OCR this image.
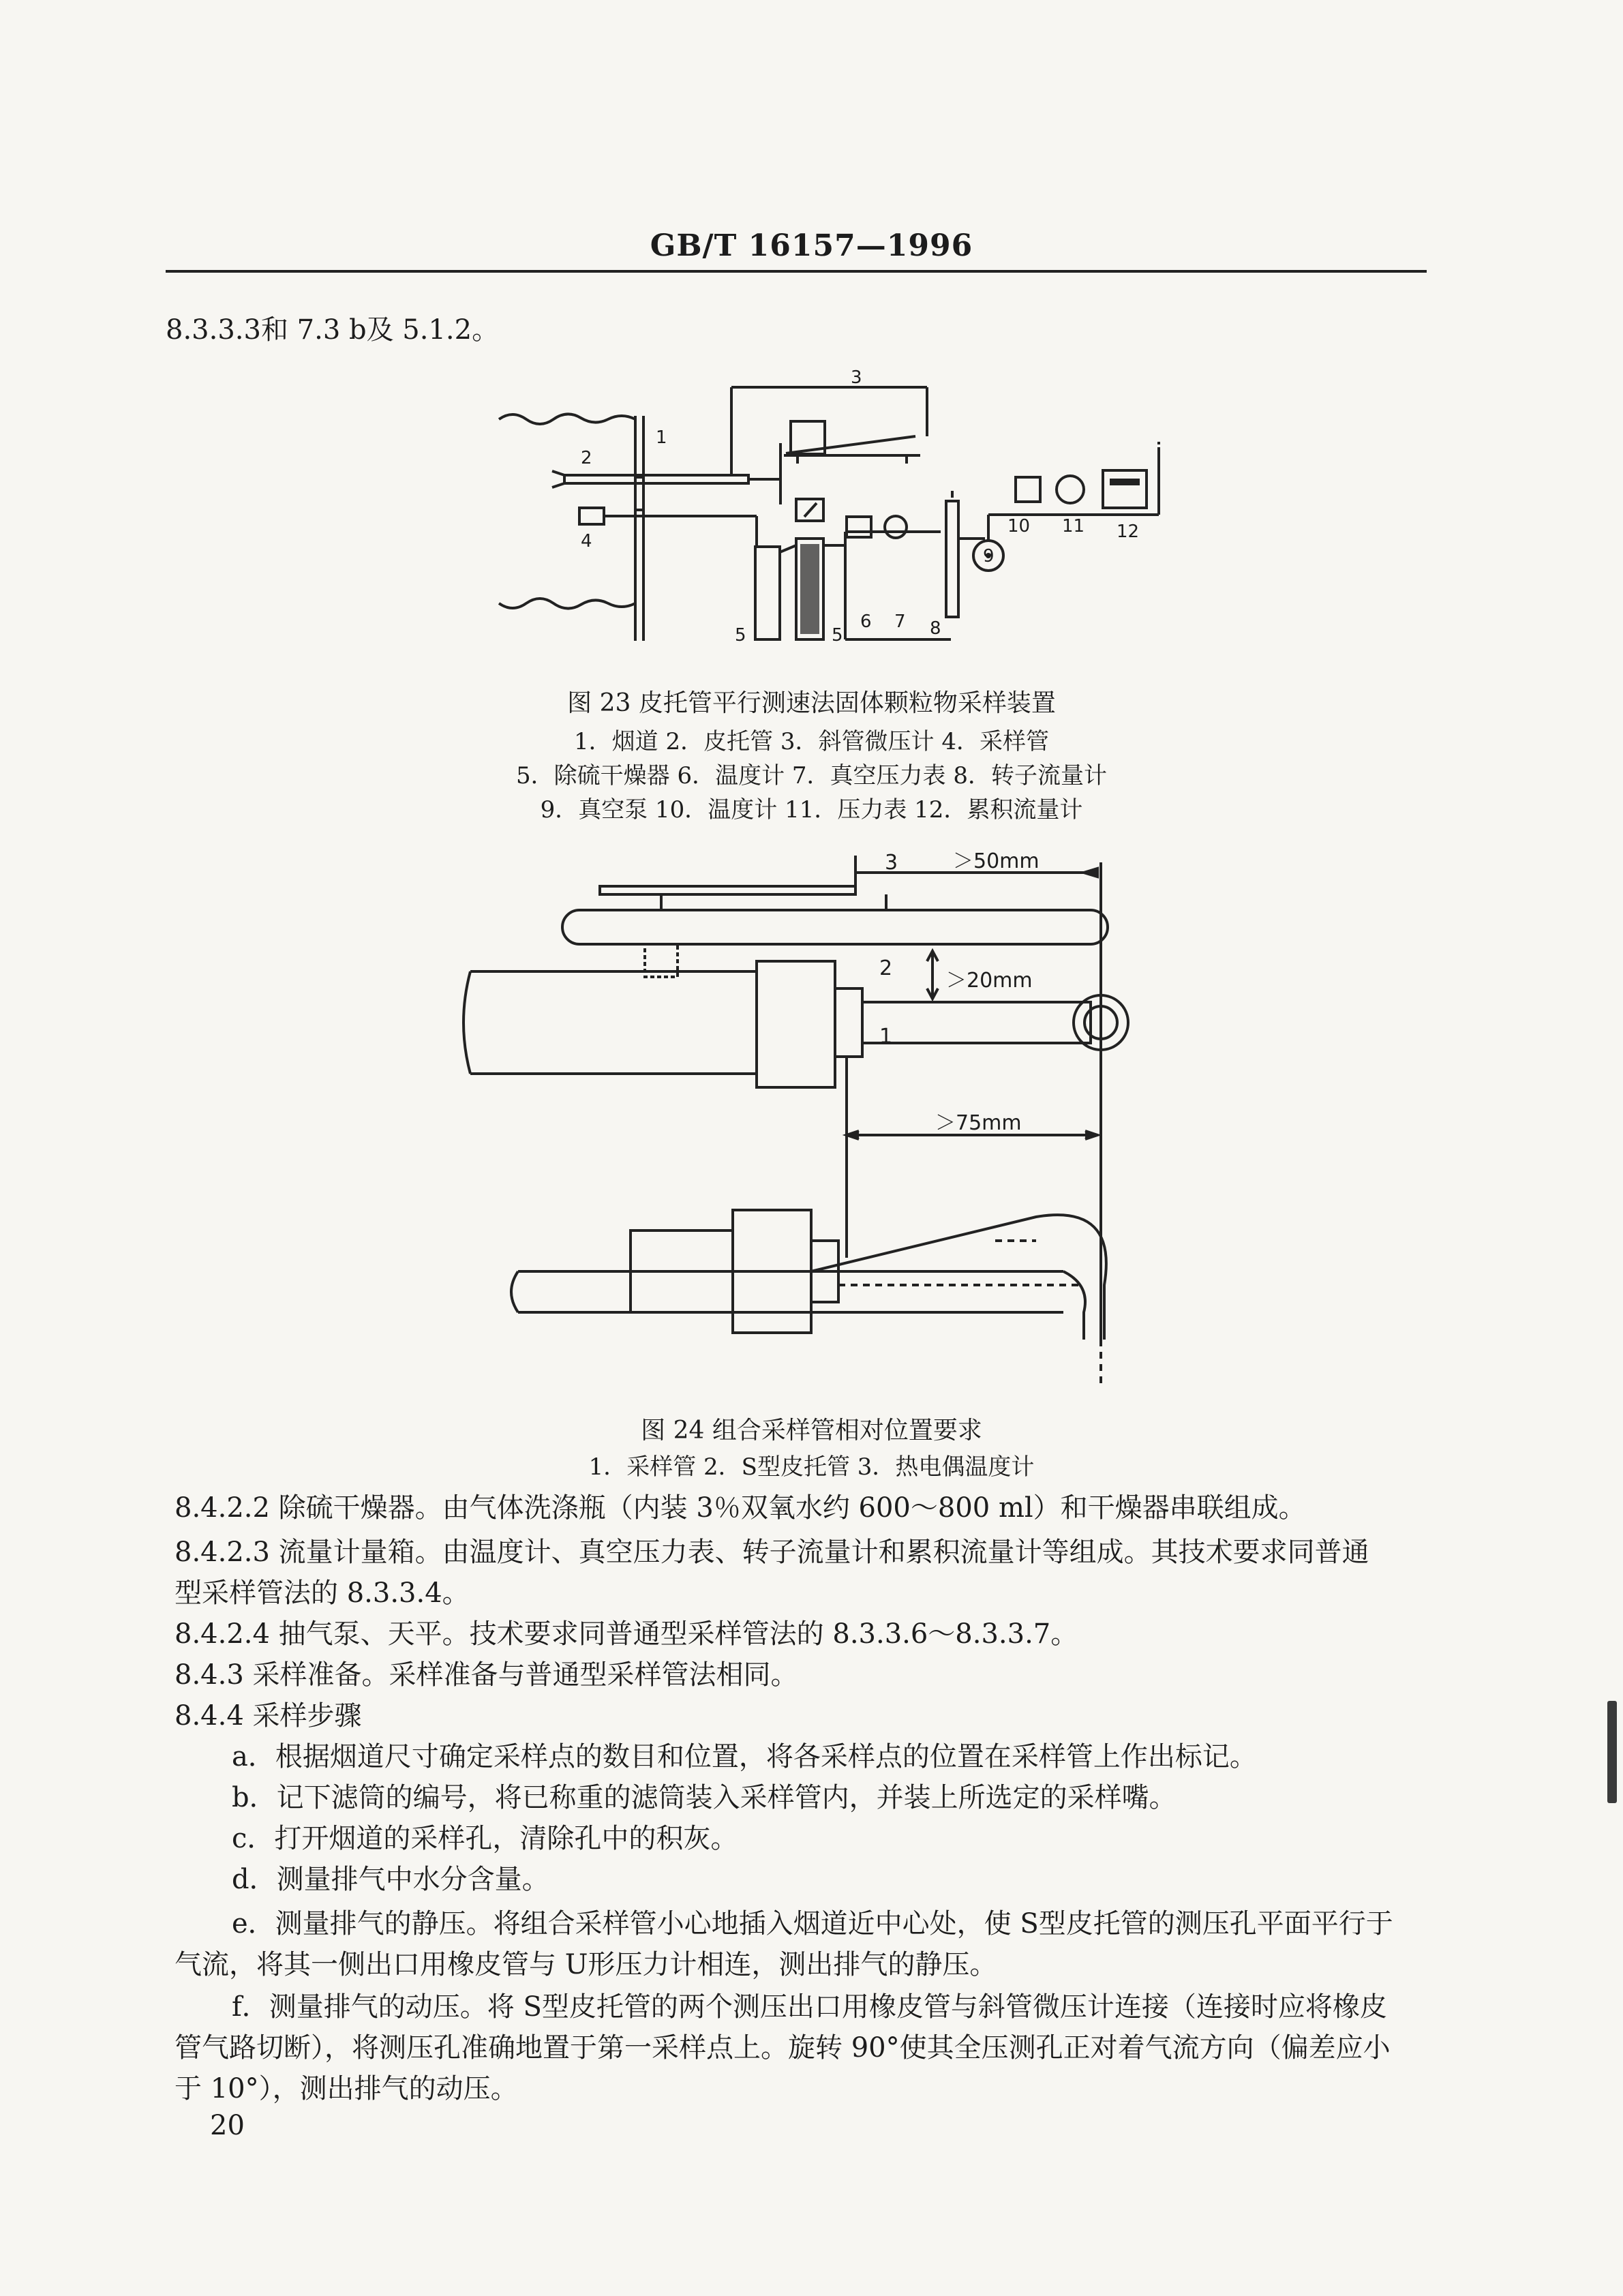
GB/T 16157—1996
8.3.3.3和 7.3 b及 5.1.2。
1
2
3
4
5	5
6 7 8
9
10 11 12
图 23 皮托管平行测速法固体颗粒物采样装置
1．烟道 2．皮托管 3．斜管微压计 4．采样管
5．除硫干燥器 6．温度计 7．真空压力表 8．转子流量计
9．真空泵 10．温度计 11．压力表 12．累积流量计
3
2
1
＞50mm
＞20mm
＞75mm
图 24 组合采样管相对位置要求
1．采样管 2．S型皮托管 3．热电偶温度计
8.4.2.2 除硫干燥器。由气体洗涤瓶（内装 3％双氧水约 600～800 ml）和干燥器串联组成。
8.4.2.3 流量计量箱。由温度计、真空压力表、转子流量计和累积流量计等组成。其技术要求同普通
型采样管法的 8.3.3.4。
8.4.2.4 抽气泵、天平。技术要求同普通型采样管法的 8.3.3.6～8.3.3.7。
8.4.3 采样准备。采样准备与普通型采样管法相同。
8.4.4 采样步骤
a．根据烟道尺寸确定采样点的数目和位置，将各采样点的位置在采样管上作出标记。
b．记下滤筒的编号，将已称重的滤筒装入采样管内，并装上所选定的采样嘴。
c．打开烟道的采样孔，清除孔中的积灰。
d．测量排气中水分含量。
e．测量排气的静压。将组合采样管小心地插入烟道近中心处，使 S型皮托管的测压孔平面平行于
气流，将其一侧出口用橡皮管与 U形压力计相连，测出排气的静压。
f．测量排气的动压。将 S型皮托管的两个测压出口用橡皮管与斜管微压计连接（连接时应将橡皮
管气路切断），将测压孔准确地置于第一采样点上。旋转 90°使其全压测孔正对着气流方向（偏差应小
于 10°），测出排气的动压。
20
